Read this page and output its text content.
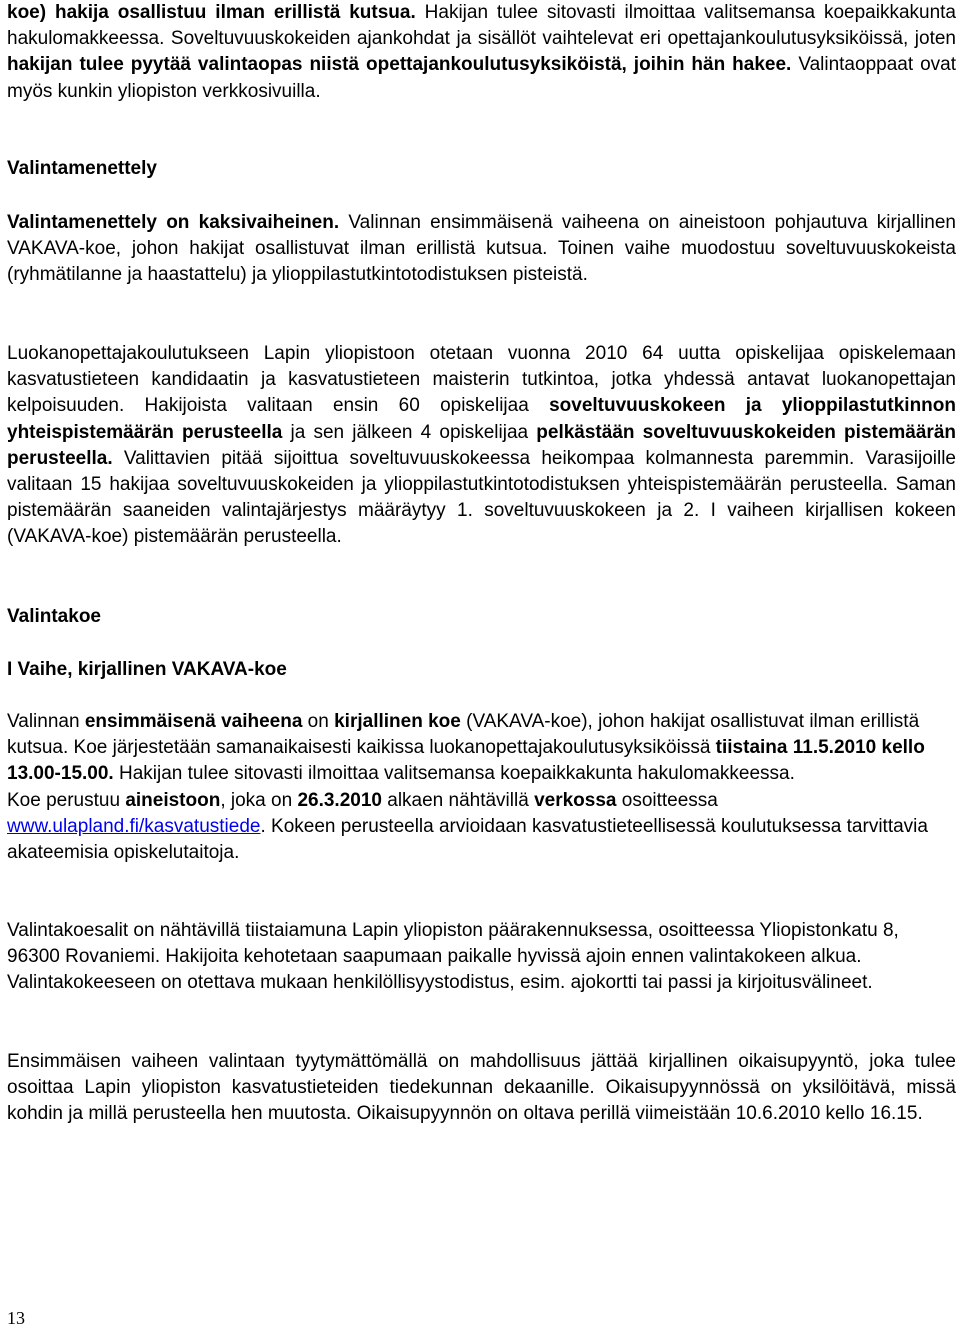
koe) hakija osallistuu ilman erillistä kutsua. Hakijan tulee sitovasti ilmoittaa valitsemansa koepaikkakunta hakulomakkeessa. Soveltuvuuskokeiden ajankohdat ja sisällöt vaihtelevat eri opettajankoulutusyksiköissä, joten hakijan tulee pyytää valintaopas niistä opettajankoulutusyksiköistä, joihin hän hakee. Valintaoppaat ovat myös kunkin yliopiston verkkosivuilla.

Valintamenettely

Valintamenettely on kaksivaiheinen. Valinnan ensimmäisenä vaiheena on aineistoon pohjautuva kirjallinen VAKAVA-koe, johon hakijat osallistuvat ilman erillistä kutsua. Toinen vaihe muodostuu soveltuvuuskokeista (ryhmätilanne ja haastattelu) ja ylioppilastutkintotodistuksen pisteistä.

Luokanopettajakoulutukseen Lapin yliopistoon otetaan vuonna 2010 64 uutta opiskelijaa opiskelemaan kasvatustieteen kandidaatin ja kasvatustieteen maisterin tutkintoa, jotka yhdessä antavat luokanopettajan kelpoisuuden. Hakijoista valitaan ensin 60 opiskelijaa soveltuvuuskokeen ja ylioppilastutkinnon yhteispistemäärän perusteella ja sen jälkeen 4 opiskelijaa pelkästään soveltuvuuskokeiden pistemäärän perusteella. Valittavien pitää sijoittua soveltuvuuskokeessa heikompaa kolmannesta paremmin. Varasijoille valitaan 15 hakijaa soveltuvuuskokeiden ja ylioppilastutkintotodistuksen yhteispistemäärän perusteella. Saman pistemäärän saaneiden valintajärjestys määräytyy 1. soveltuvuuskokeen ja 2. I vaiheen kirjallisen kokeen (VAKAVA-koe) pistemäärän perusteella.

Valintakoe
I Vaihe, kirjallinen VAKAVA-koe

Valinnan ensimmäisenä vaiheena on kirjallinen koe (VAKAVA-koe), johon hakijat osallistuvat ilman erillistä kutsua. Koe järjestetään samanaikaisesti kaikissa luokanopettajakoulutusyksiköissä tiistaina 11.5.2010 kello 13.00-15.00. Hakijan tulee sitovasti ilmoittaa valitsemansa koepaikkakunta hakulomakkeessa.
Koe perustuu aineistoon, joka on 26.3.2010 alkaen nähtävillä verkossa osoitteessa www.ulapland.fi/kasvatustiede. Kokeen perusteella arvioidaan kasvatustieteellisessä koulutuksessa tarvittavia akateemisia opiskelutaitoja.

Valintakoesalit on nähtävillä tiistaiamuna Lapin yliopiston päärakennuksessa, osoitteessa Yliopistonkatu 8, 96300 Rovaniemi. Hakijoita kehotetaan saapumaan paikalle hyvissä ajoin ennen valintakokeen alkua. Valintakokeeseen on otettava mukaan henkilöllisyystodistus, esim. ajokortti tai passi ja kirjoitusvälineet.

Ensimmäisen vaiheen valintaan tyytymättömällä on mahdollisuus jättää kirjallinen oikaisupyyntö, joka tulee osoittaa Lapin yliopiston kasvatustieteiden tiedekunnan dekaanille. Oikaisupyynnössä on yksilöitävä, missä kohdin ja millä perusteella hen muutosta. Oikaisupyynnön on oltava perillä viimeistään 10.6.2010 kello 16.15.

13
